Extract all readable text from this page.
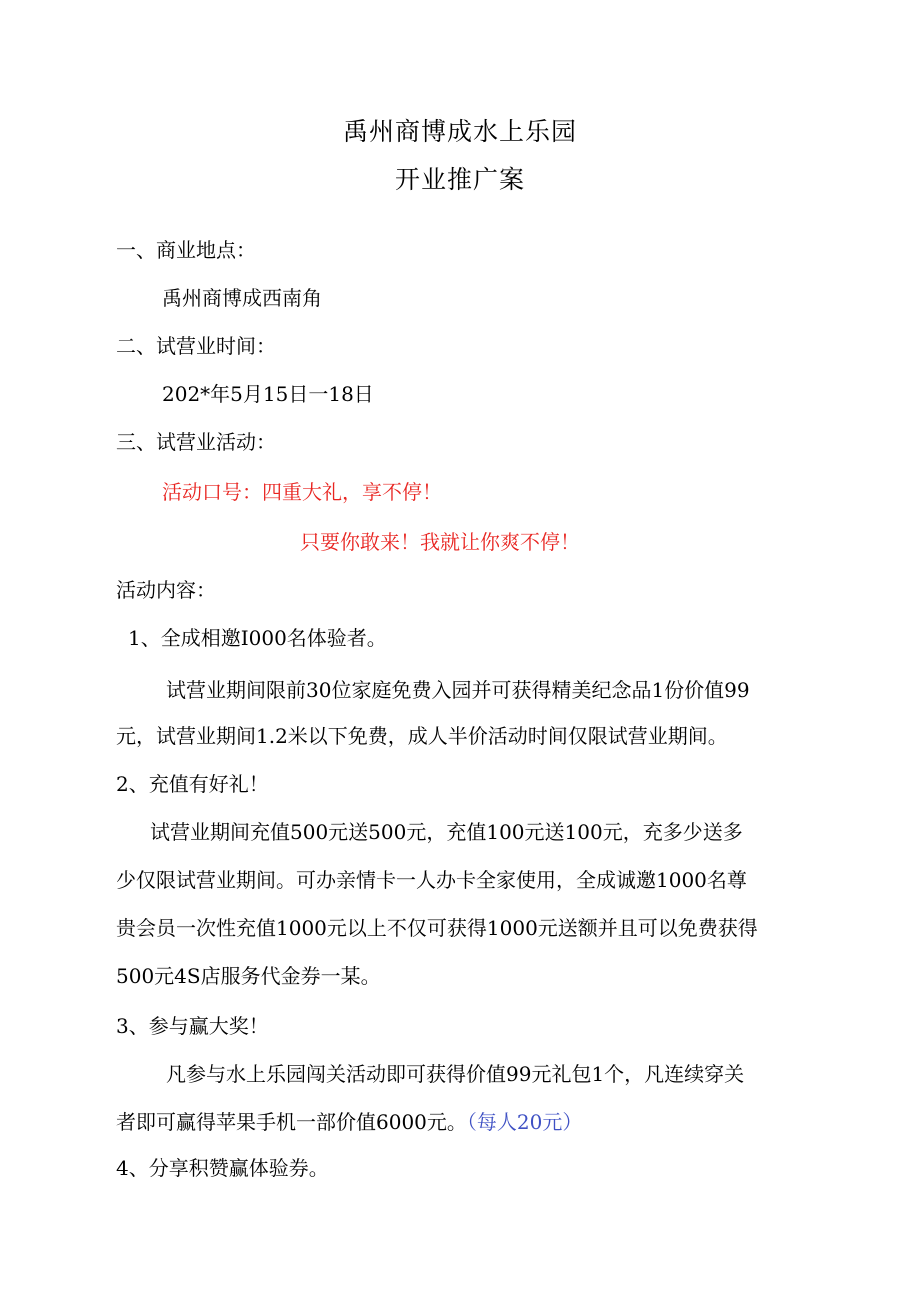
禹州商博成水上乐园
开业推广案
一、商业地点：
禹州商博成西南角
二、试营业时间：
202*年5月15日一18日
三、试营业活动：
活动口号：四重大礼，享不停！
只要你敢来！我就让你爽不停！
活动内容：
1、全成相邀I000名体验者。
试营业期间限前30位家庭免费入园并可获得精美纪念品1份价值99
元，试营业期间1.2米以下免费，成人半价活动时间仅限试营业期间。
2、充值有好礼！
试营业期间充值500元送500元，充值100元送100元，充多少送多
少仅限试营业期间。可办亲情卡一人办卡全家使用，全成诚邀1000名尊
贵会员一次性充值1000元以上不仅可获得1000元送额并且可以免费获得
500元4S店服务代金券一某。
3、参与赢大奖！
凡参与水上乐园闯关活动即可获得价值99元礼包1个，凡连续穿关
者即可赢得苹果手机一部价值6000元。（每人20元）
4、分享积赞赢体验券。
